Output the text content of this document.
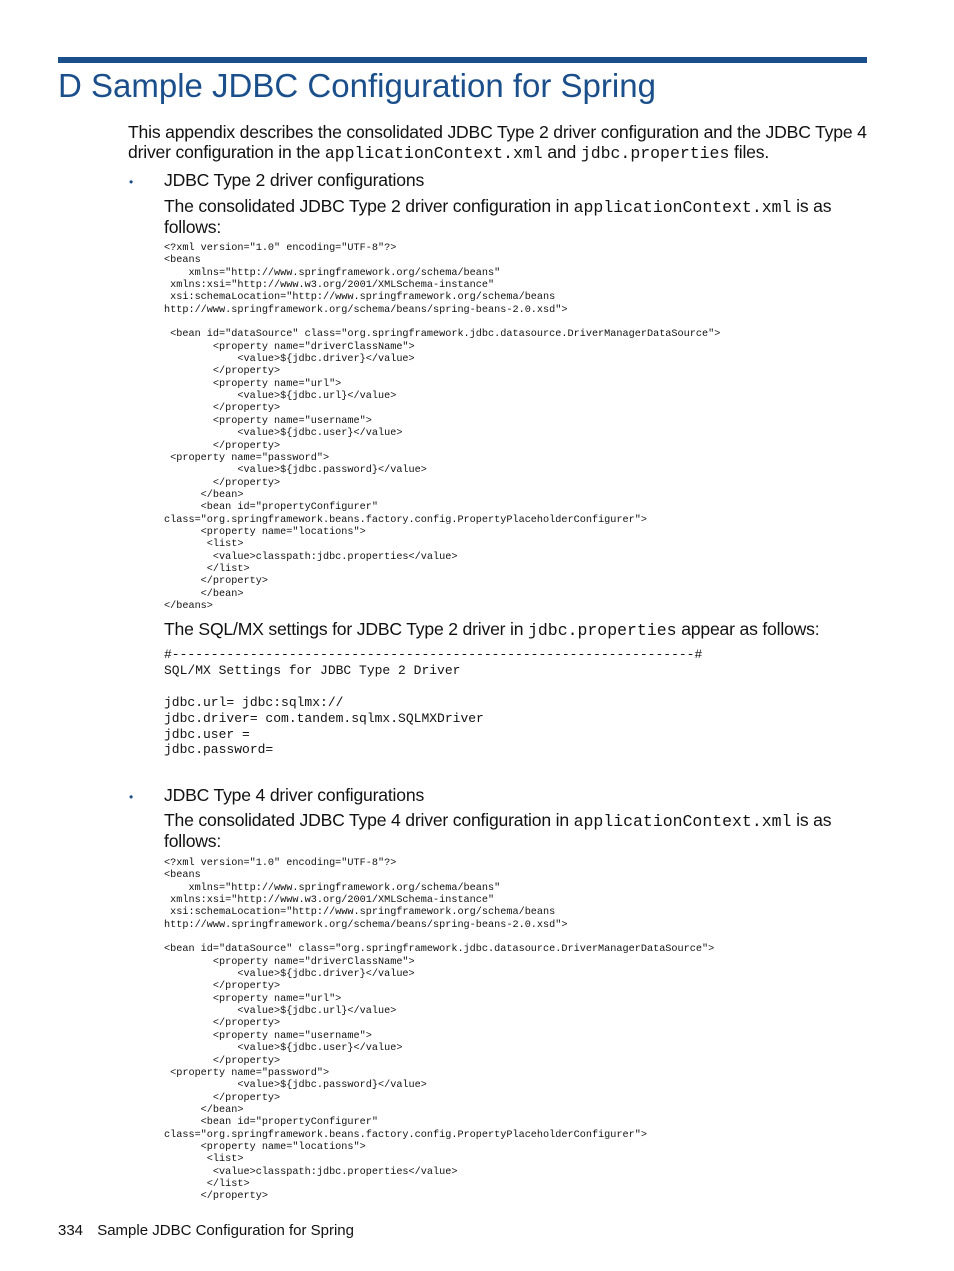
D Sample JDBC Configuration for Spring
This appendix describes the consolidated JDBC Type 2 driver configuration and the JDBC Type 4
driver configuration in the applicationContext.xml and jdbc.properties files.
• JDBC Type 2 driver configurations
The consolidated JDBC Type 2 driver configuration in applicationContext.xml is as
follows:
<?xml version="1.0" encoding="UTF-8"?>
<beans
xmlns="http://www.springframework.org/schema/beans"
xmlns:xsi="http://www.w3.org/2001/XMLSchema-instance"
xsi:schemaLocation="http://www.springframework.org/schema/beans
http://www.springframework.org/schema/beans/spring-beans-2.0.xsd">

<bean id="dataSource" class="org.springframework.jdbc.datasource.DriverManagerDataSource">
<property name="driverClassName">
<value>${jdbc.driver}</value>
</property>
<property name="url">
<value>${jdbc.url}</value>
</property>
<property name="username">
<value>${jdbc.user}</value>
</property>
<property name="password">
<value>${jdbc.password}</value>
</property>
</bean>
<bean id="propertyConfigurer"
class="org.springframework.beans.factory.config.PropertyPlaceholderConfigurer">
<property name="locations">
<list>
<value>classpath:jdbc.properties</value>
</list>
</property>
</bean>
</beans>
The SQL/MX settings for JDBC Type 2 driver in jdbc.properties appear as follows:
#-------------------------------------------------------------------#
SQL/MX Settings for JDBC Type 2 Driver

jdbc.url= jdbc:sqlmx://
jdbc.driver= com.tandem.sqlmx.SQLMXDriver
jdbc.user =
jdbc.password=
• JDBC Type 4 driver configurations
The consolidated JDBC Type 4 driver configuration in applicationContext.xml is as
follows:
<?xml version="1.0" encoding="UTF-8"?>
<beans
xmlns="http://www.springframework.org/schema/beans"
xmlns:xsi="http://www.w3.org/2001/XMLSchema-instance"
xsi:schemaLocation="http://www.springframework.org/schema/beans
http://www.springframework.org/schema/beans/spring-beans-2.0.xsd">

<bean id="dataSource" class="org.springframework.jdbc.datasource.DriverManagerDataSource">
<property name="driverClassName">
<value>${jdbc.driver}</value>
</property>
<property name="url">
<value>${jdbc.url}</value>
</property>
<property name="username">
<value>${jdbc.user}</value>
</property>
<property name="password">
<value>${jdbc.password}</value>
</property>
</bean>
<bean id="propertyConfigurer"
class="org.springframework.beans.factory.config.PropertyPlaceholderConfigurer">
<property name="locations">
<list>
<value>classpath:jdbc.properties</value>
</list>
</property>
334 Sample JDBC Configuration for Spring
